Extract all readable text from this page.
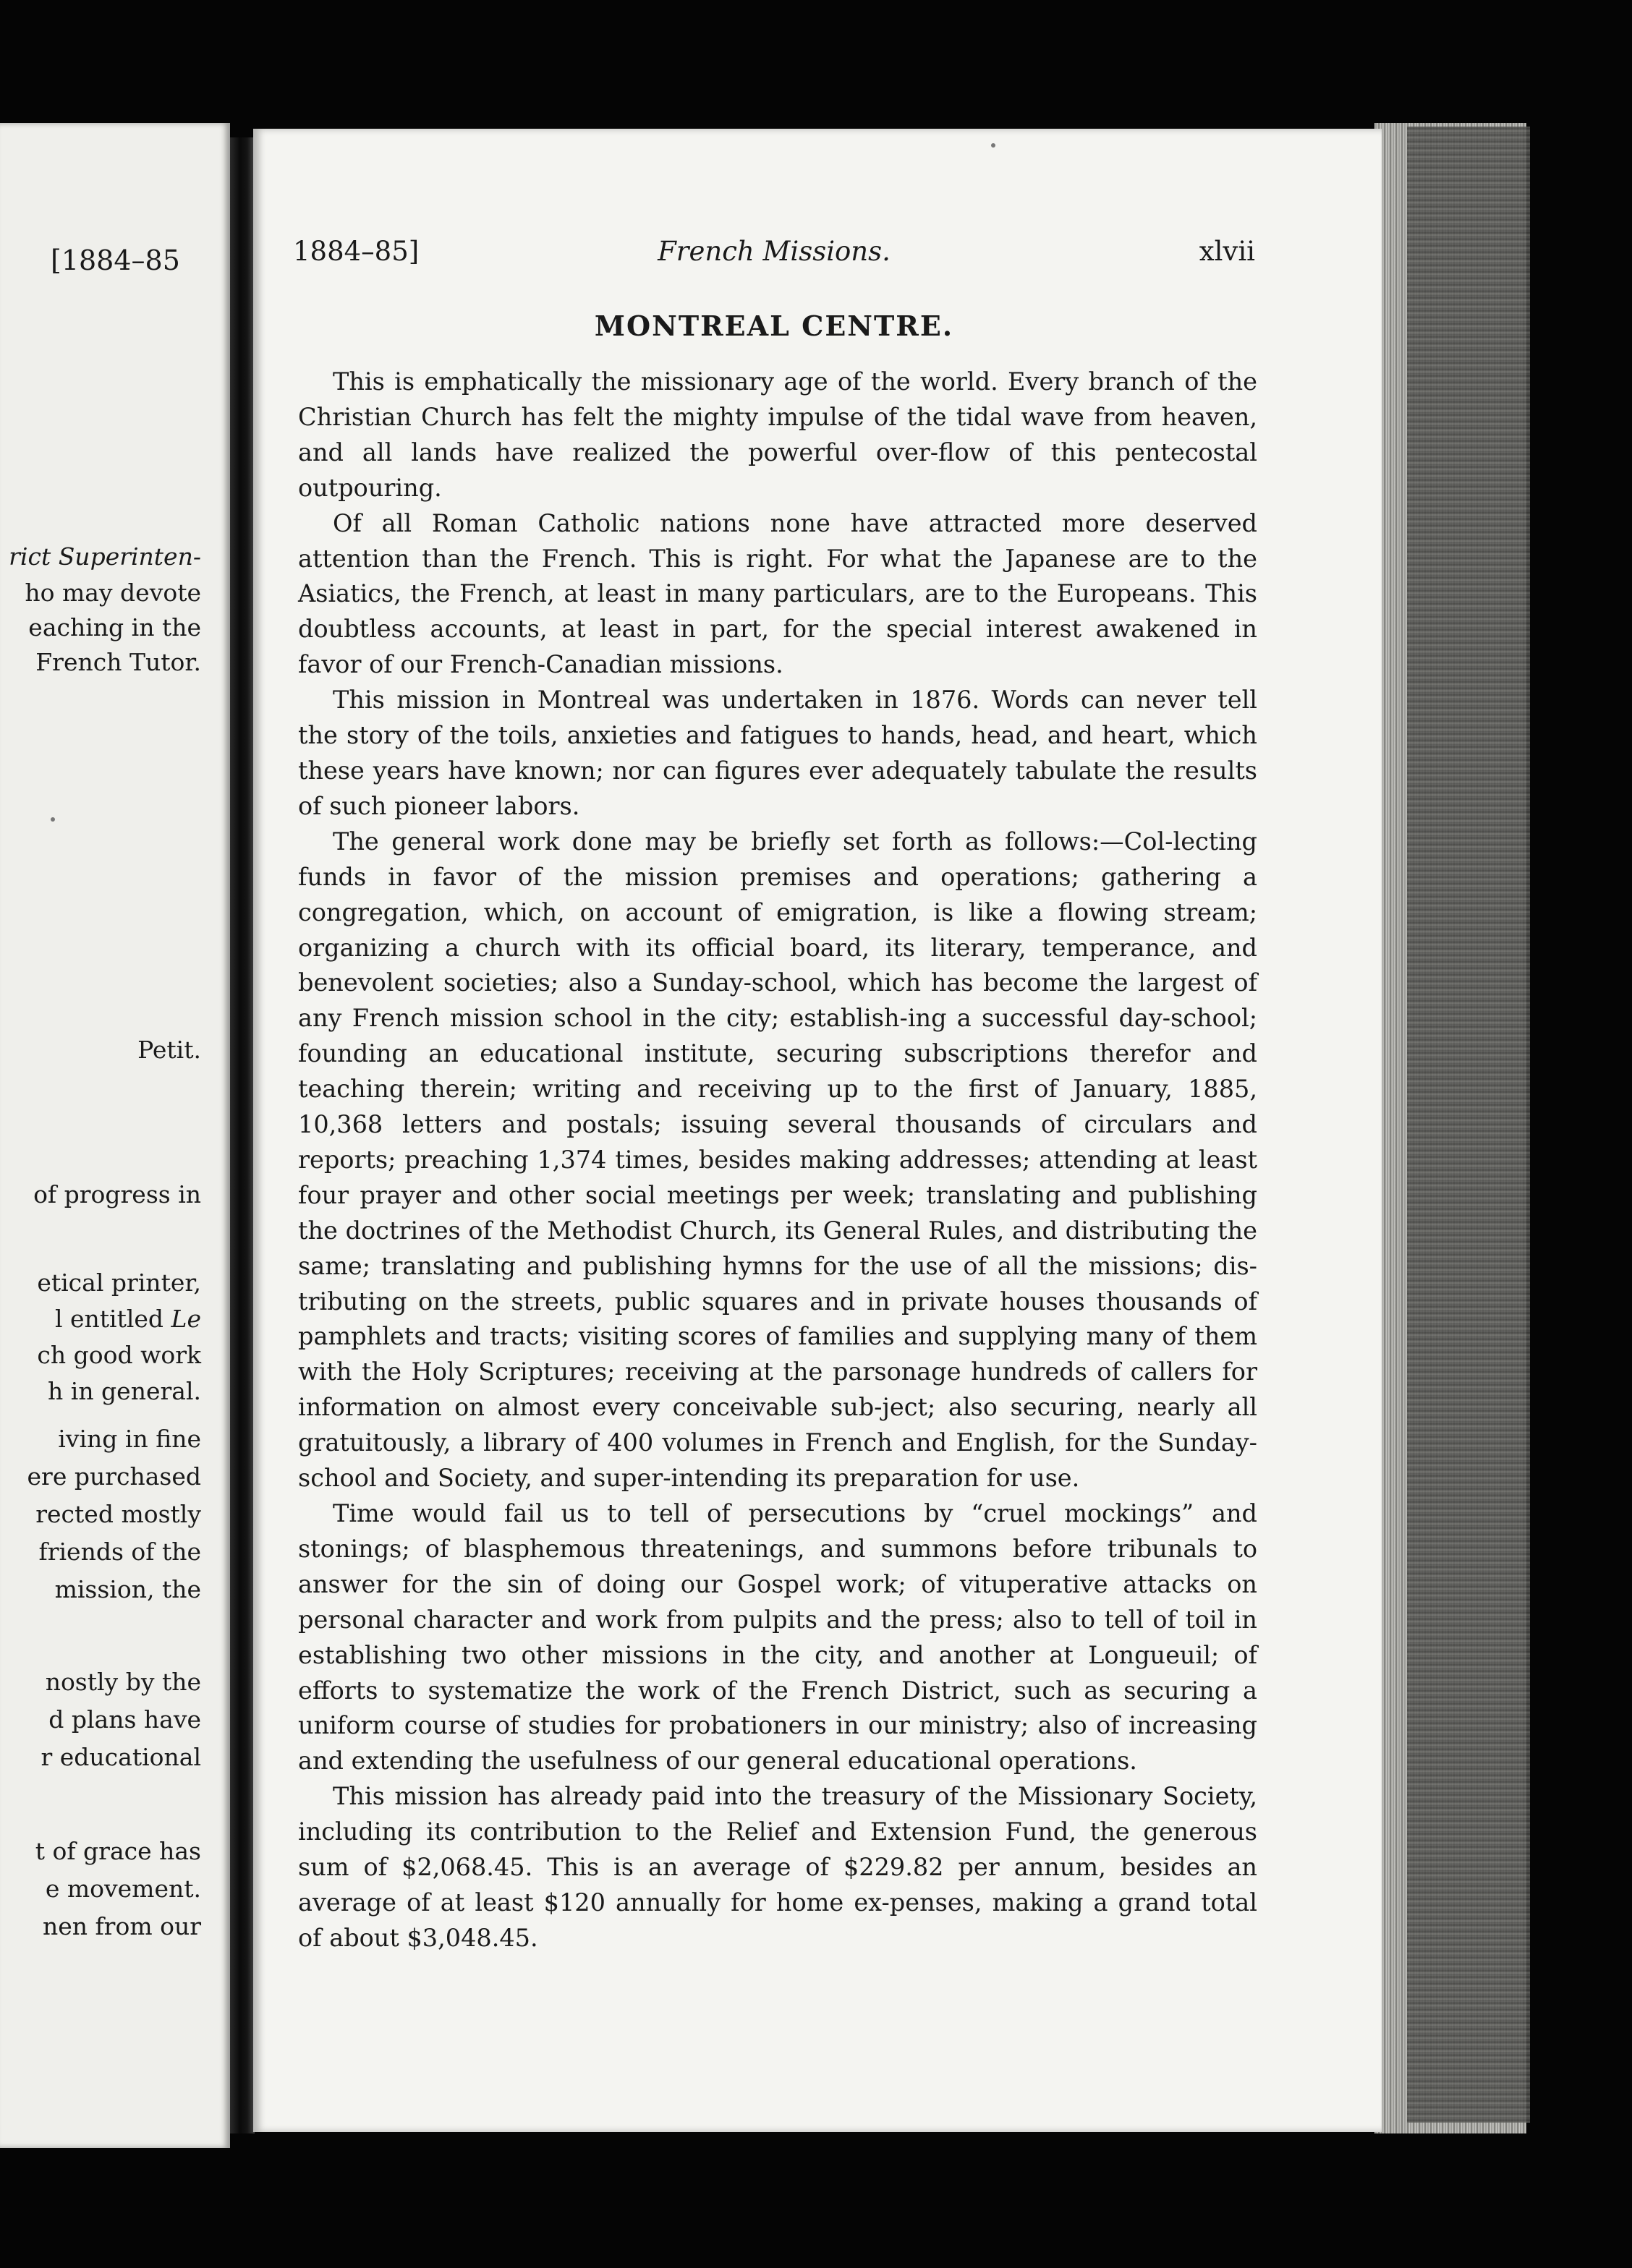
[1884–85
rict Superinten-
ho may devote
eaching in the
French Tutor.
Petit.
of progress in
etical printer,
l entitled Le
ch good work
h in general.
iving in fine
ere purchased
rected mostly
friends of the
mission, the
nostly by the
d plans have
r educational
t of grace has
e movement.
nen from our
1884–85]	French Missions.	xlvii
MONTREAL CENTRE.

This is emphatically the missionary age of the world. Every branch of the Christian Church has felt the mighty impulse of the tidal wave from heaven, and all lands have realized the powerful over-flow of this pentecostal outpouring.

Of all Roman Catholic nations none have attracted more deserved attention than the French. This is right. For what the Japanese are to the Asiatics, the French, at least in many particulars, are to the Europeans. This doubtless accounts, at least in part, for the special interest awakened in favor of our French-Canadian missions.

This mission in Montreal was undertaken in 1876. Words can never tell the story of the toils, anxieties and fatigues to hands, head, and heart, which these years have known; nor can figures ever adequately tabulate the results of such pioneer labors.

The general work done may be briefly set forth as follows:—Col-lecting funds in favor of the mission premises and operations; gathering a congregation, which, on account of emigration, is like a flowing stream; organizing a church with its official board, its literary, temperance, and benevolent societies; also a Sunday-school, which has become the largest of any French mission school in the city; establish-ing a successful day-school; founding an educational institute, securing subscriptions therefor and teaching therein; writing and receiving up to the first of January, 1885, 10,368 letters and postals; issuing several thousands of circulars and reports; preaching 1,374 times, besides making addresses; attending at least four prayer and other social meetings per week; translating and publishing the doctrines of the Methodist Church, its General Rules, and distributing the same; translating and publishing hymns for the use of all the missions; dis-tributing on the streets, public squares and in private houses thousands of pamphlets and tracts; visiting scores of families and supplying many of them with the Holy Scriptures; receiving at the parsonage hundreds of callers for information on almost every conceivable sub-ject; also securing, nearly all gratuitously, a library of 400 volumes in French and English, for the Sunday-school and Society, and super-intending its preparation for use.

Time would fail us to tell of persecutions by “cruel mockings” and stonings; of blasphemous threatenings, and summons before tribunals to answer for the sin of doing our Gospel work; of vituperative attacks on personal character and work from pulpits and the press; also to tell of toil in establishing two other missions in the city, and another at Longueuil; of efforts to systematize the work of the French District, such as securing a uniform course of studies for probationers in our ministry; also of increasing and extending the usefulness of our general educational operations.

This mission has already paid into the treasury of the Missionary Society, including its contribution to the Relief and Extension Fund, the generous sum of $2,068.45. This is an average of $229.82 per annum, besides an average of at least $120 annually for home ex-penses, making a grand total of about $3,048.45.
